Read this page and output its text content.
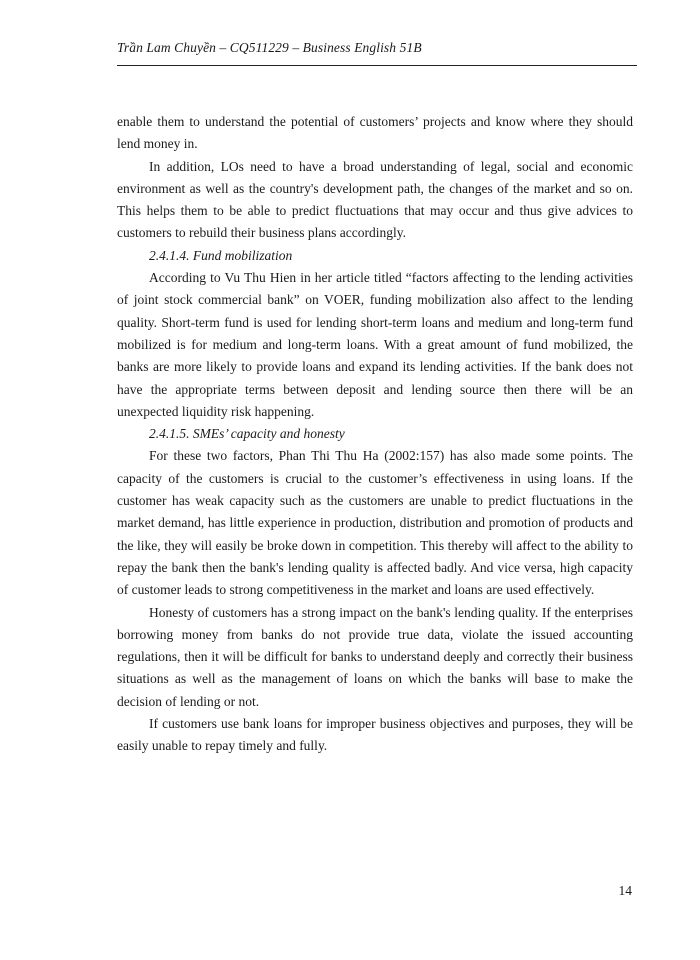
Trần Lam Chuyền – CQ511229 – Business English 51B

enable them to understand the potential of customers’ projects and know where they should lend money in.

In addition, LOs need to have a broad understanding of legal, social and economic environment as well as the country's development path, the changes of the market and so on. This helps them to be able to predict fluctuations that may occur and thus give advices to customers to rebuild their business plans accordingly.

2.4.1.4. Fund mobilization

According to Vu Thu Hien in her article titled “factors affecting to the lending activities of joint stock commercial bank” on VOER, funding mobilization also affect to the lending quality. Short-term fund is used for lending short-term loans and medium and long-term fund mobilized is for medium and long-term loans. With a great amount of fund mobilized, the banks are more likely to provide loans and expand its lending activities. If the bank does not have the appropriate terms between deposit and lending source then there will be an unexpected liquidity risk happening.

2.4.1.5. SMEs’ capacity and honesty

For these two factors, Phan Thi Thu Ha (2002:157) has also made some points. The capacity of the customers is crucial to the customer’s effectiveness in using loans. If the customer has weak capacity such as the customers are unable to predict fluctuations in the market demand, has little experience in production, distribution and promotion of products and the like, they will easily be broke down in competition. This thereby will affect to the ability to repay the bank then the bank's lending quality is affected badly. And vice versa, high capacity of customer leads to strong competitiveness in the market and loans are used effectively.

Honesty of customers has a strong impact on the bank's lending quality. If the enterprises borrowing money from banks do not provide true data, violate the issued accounting regulations, then it will be difficult for banks to understand deeply and correctly their business situations as well as the management of loans on which the banks will base to make the decision of lending or not.

If customers use bank loans for improper business objectives and purposes, they will be easily unable to repay timely and fully.

14
